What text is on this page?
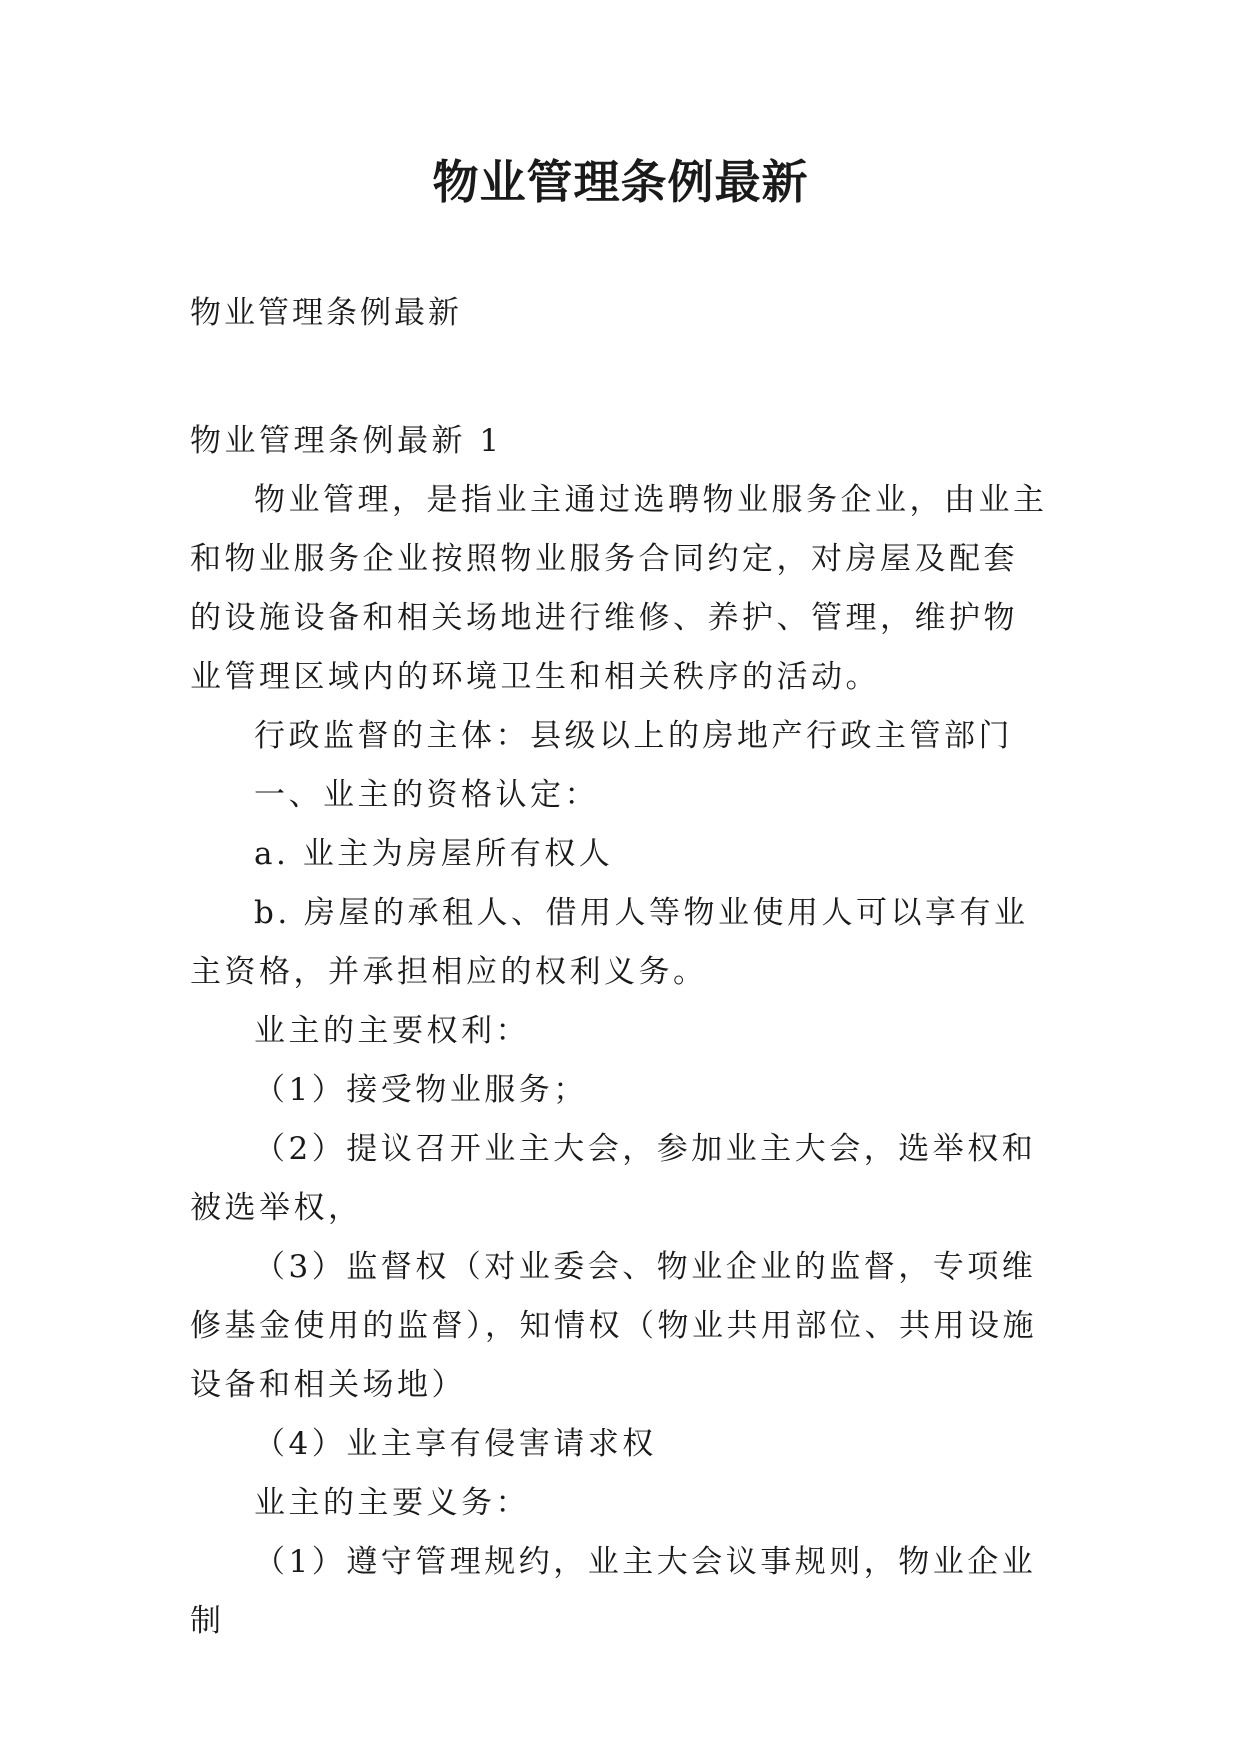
物业管理条例最新

物业管理条例最新

物业管理条例最新 1

物业管理，是指业主通过选聘物业服务企业，由业主和物业服务企业按照物业服务合同约定，对房屋及配套的设施设备和相关场地进行维修、养护、管理，维护物业管理区域内的环境卫生和相关秩序的活动。

行政监督的主体：县级以上的房地产行政主管部门

一、业主的资格认定：

a. 业主为房屋所有权人

b. 房屋的承租人、借用人等物业使用人可以享有业主资格，并承担相应的权利义务。

业主的主要权利：

（1）接受物业服务；

（2）提议召开业主大会，参加业主大会，选举权和被选举权，

（3）监督权（对业委会、物业企业的监督，专项维修基金使用的监督），知情权（物业共用部位、共用设施设备和相关场地）

（4）业主享有侵害请求权

业主的主要义务：

（1）遵守管理规约，业主大会议事规则，物业企业制
